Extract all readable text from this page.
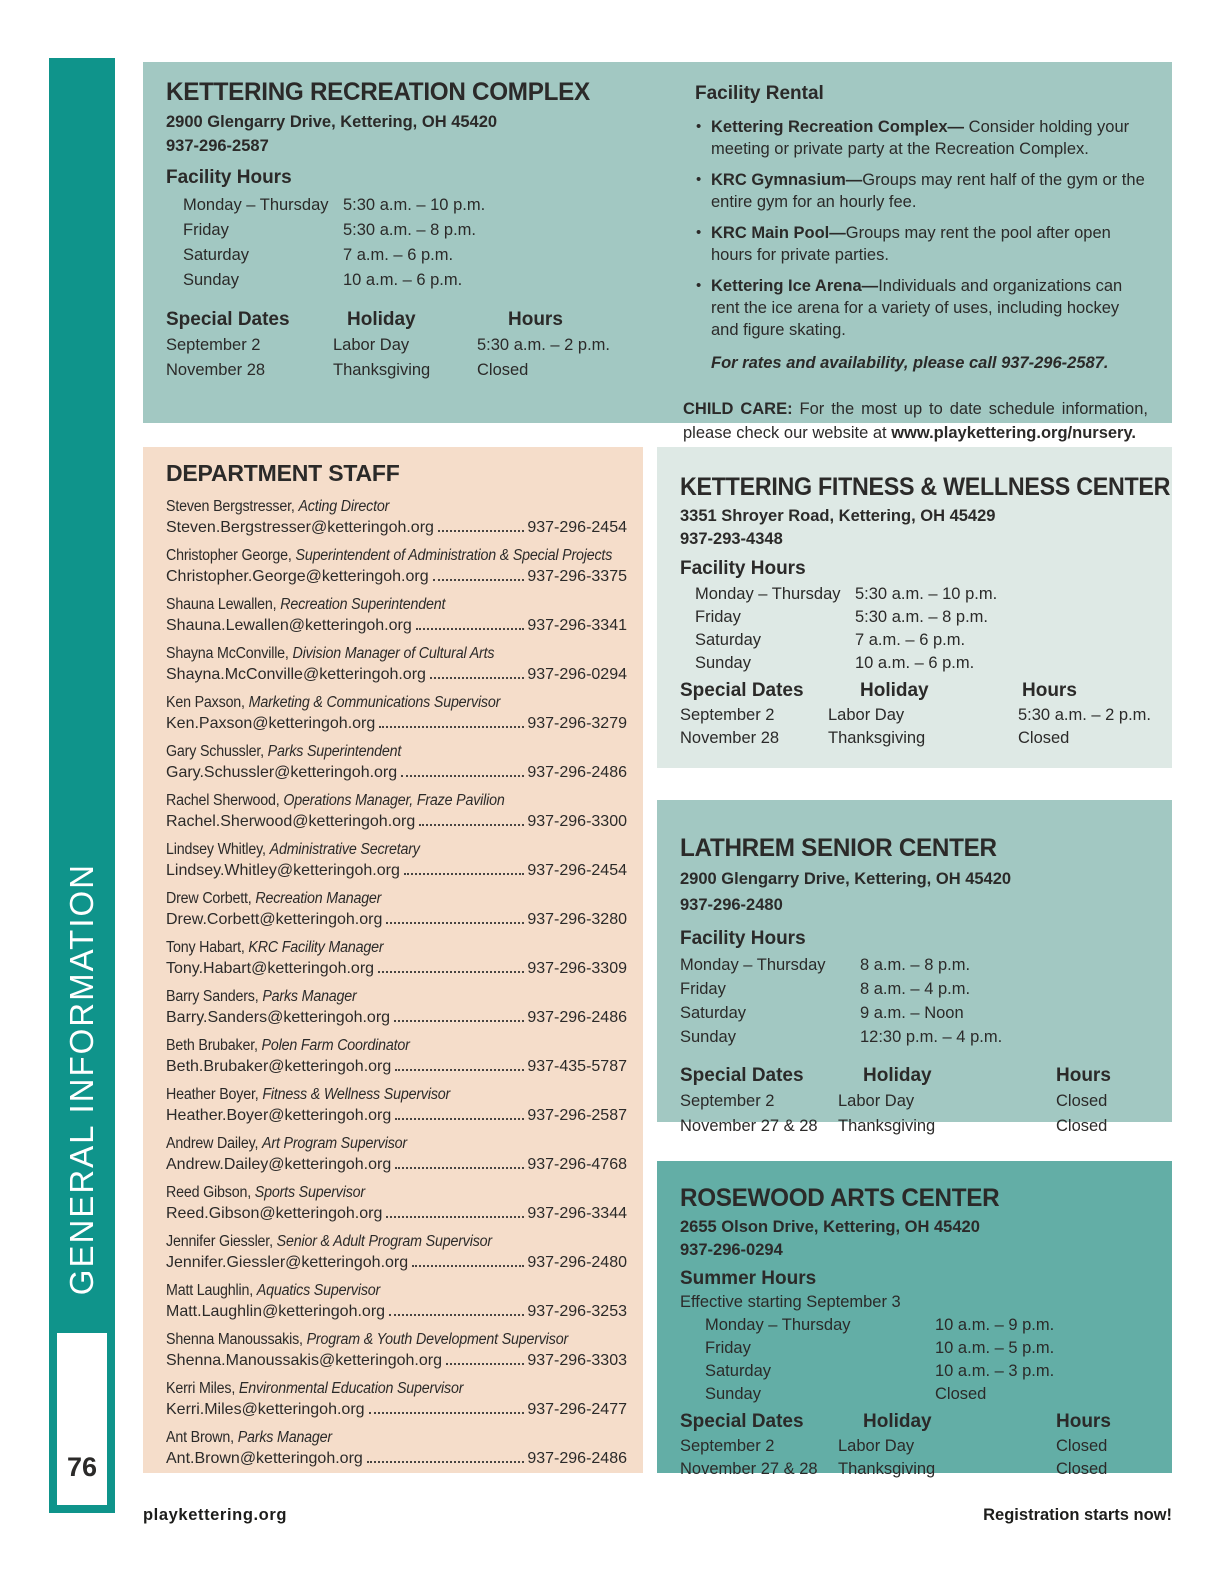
GENERAL INFORMATION
76
KETTERING RECREATION COMPLEX
2900 Glengarry Drive, Kettering, OH 45420
937-296-2587
Facility Hours
Monday – Thursday 5:30 a.m. – 10 p.m.
Friday	5:30 a.m. – 8 p.m.
Saturday	7 a.m. – 6 p.m.
Sunday	10 a.m. – 6 p.m.
Special Dates	Holiday	Hours
September 2	Labor Day	5:30 a.m. – 2 p.m.
November 28	Thanksgiving	Closed
Facility Rental
• Kettering Recreation Complex— Consider holding your meeting or private party at the Recreation Complex.
• KRC Gymnasium—Groups may rent half of the gym or the entire gym for an hourly fee.
• KRC Main Pool—Groups may rent the pool after open hours for private parties.
• Kettering Ice Arena—Individuals and organizations can rent the ice arena for a variety of uses, including hockey and figure skating.

For rates and availability, please call 937-296-2587.

CHILD CARE: For the most up to date schedule information, please check our website at www.playkettering.org/nursery.

DEPARTMENT STAFF
Steven Bergstresser, Acting Director
Steven.Bergstresser@ketteringoh.org	937-296-2454
Christopher George, Superintendent of Administration & Special Projects
Christopher.George@ketteringoh.org	937-296-3375
Shauna Lewallen, Recreation Superintendent
Shauna.Lewallen@ketteringoh.org	937-296-3341
Shayna McConville, Division Manager of Cultural Arts
Shayna.McConville@ketteringoh.org	937-296-0294
Ken Paxson, Marketing & Communications Supervisor
Ken.Paxson@ketteringoh.org	937-296-3279
Gary Schussler, Parks Superintendent
Gary.Schussler@ketteringoh.org	937-296-2486
Rachel Sherwood, Operations Manager, Fraze Pavilion
Rachel.Sherwood@ketteringoh.org	937-296-3300
Lindsey Whitley, Administrative Secretary
Lindsey.Whitley@ketteringoh.org	937-296-2454
Drew Corbett, Recreation Manager
Drew.Corbett@ketteringoh.org	937-296-3280
Tony Habart, KRC Facility Manager
Tony.Habart@ketteringoh.org	937-296-3309
Barry Sanders, Parks Manager
Barry.Sanders@ketteringoh.org	937-296-2486
Beth Brubaker, Polen Farm Coordinator
Beth.Brubaker@ketteringoh.org	937-435-5787
Heather Boyer, Fitness & Wellness Supervisor
Heather.Boyer@ketteringoh.org	937-296-2587
Andrew Dailey, Art Program Supervisor
Andrew.Dailey@ketteringoh.org	937-296-4768
Reed Gibson, Sports Supervisor
Reed.Gibson@ketteringoh.org	937-296-3344
Jennifer Giessler, Senior & Adult Program Supervisor
Jennifer.Giessler@ketteringoh.org	937-296-2480
Matt Laughlin, Aquatics Supervisor
Matt.Laughlin@ketteringoh.org	937-296-3253
Shenna Manoussakis, Program & Youth Development Supervisor
Shenna.Manoussakis@ketteringoh.org	937-296-3303
Kerri Miles, Environmental Education Supervisor
Kerri.Miles@ketteringoh.org	937-296-2477
Ant Brown, Parks Manager
Ant.Brown@ketteringoh.org	937-296-2486
KETTERING FITNESS & WELLNESS CENTER
3351 Shroyer Road, Kettering, OH 45429
937-293-4348
Facility Hours
Monday – Thursday 5:30 a.m. – 10 p.m.
Friday	5:30 a.m. – 8 p.m.
Saturday	7 a.m. – 6 p.m.
Sunday	10 a.m. – 6 p.m.
Special Dates	Holiday	Hours
September 2	Labor Day	5:30 a.m. – 2 p.m.
November 28	Thanksgiving	Closed
LATHREM SENIOR CENTER
2900 Glengarry Drive, Kettering, OH 45420
937-296-2480
Facility Hours
Monday – Thursday	8 a.m. – 8 p.m.
Friday	8 a.m. – 4 p.m.
Saturday	9 a.m. – Noon
Sunday	12:30 p.m. – 4 p.m.
Special Dates	Holiday	Hours
September 2	Labor Day	Closed
November 27 & 28	Thanksgiving	Closed
ROSEWOOD ARTS CENTER
2655 Olson Drive, Kettering, OH 45420
937-296-0294
Summer Hours
Effective starting September 3
Monday – Thursday	10 a.m. – 9 p.m.
Friday	10 a.m. – 5 p.m.
Saturday	10 a.m. – 3 p.m.
Sunday	Closed
Special Dates	Holiday	Hours
September 2	Labor Day	Closed
November 27 & 28	Thanksgiving	Closed
playkettering.org	Registration starts now!
